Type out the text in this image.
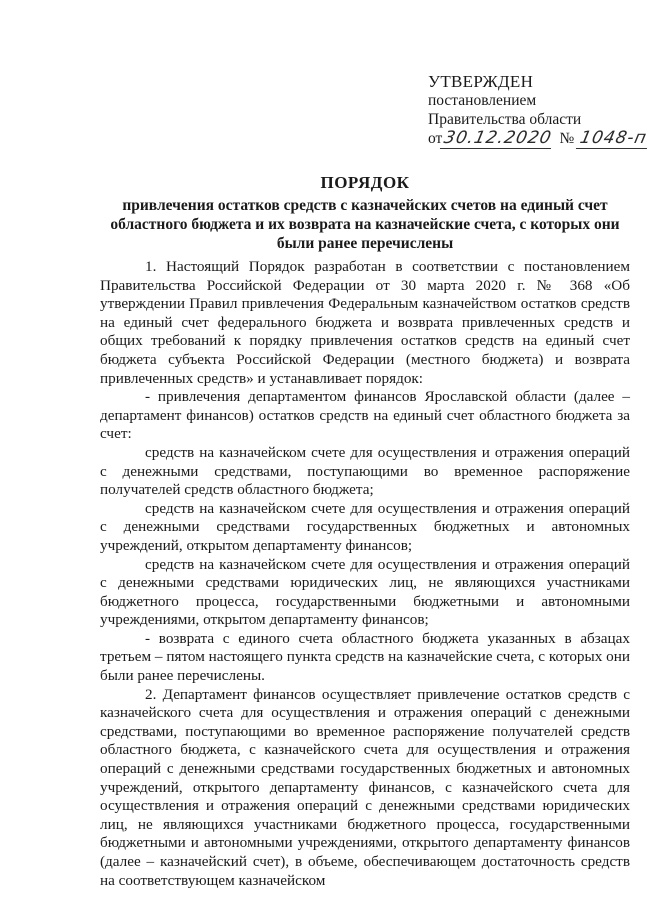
УТВЕРЖДЕН
постановлением
Правительства области
от30.12.2020 № 1048-п
ПОРЯДОК
привлечения остатков средств с казначейских счетов на единый счет областного бюджета и их возврата на казначейские счета, с которых они были ранее перечислены

1. Настоящий Порядок разработан в соответствии с постановлением Правительства Российской Федерации от 30 марта 2020 г. № 368 «Об утверждении Правил привлечения Федеральным казначейством остатков средств на единый счет федерального бюджета и возврата привлеченных средств и общих требований к порядку привлечения остатков средств на единый счет бюджета субъекта Российской Федерации (местного бюджета) и возврата привлеченных средств» и устанавливает порядок:

- привлечения департаментом финансов Ярославской области (далее – департамент финансов) остатков средств на единый счет областного бюджета за счет:

средств на казначейском счете для осуществления и отражения операций с денежными средствами, поступающими во временное распоряжение получателей средств областного бюджета;

средств на казначейском счете для осуществления и отражения операций с денежными средствами государственных бюджетных и автономных учреждений, открытом департаменту финансов;

средств на казначейском счете для осуществления и отражения операций с денежными средствами юридических лиц, не являющихся участниками бюджетного процесса, государственными бюджетными и автономными учреждениями, открытом департаменту финансов;

- возврата с единого счета областного бюджета указанных в абзацах третьем – пятом настоящего пункта средств на казначейские счета, с которых они были ранее перечислены.

2. Департамент финансов осуществляет привлечение остатков средств с казначейского счета для осуществления и отражения операций с денежными средствами, поступающими во временное распоряжение получателей средств областного бюджета, с казначейского счета для осуществления и отражения операций с денежными средствами государственных бюджетных и автономных учреждений, открытого департаменту финансов, с казначейского счета для осуществления и отражения операций с денежными средствами юридических лиц, не являющихся участниками бюджетного процесса, государственными бюджетными и автономными учреждениями, открытого департаменту финансов (далее – казначейский счет), в объеме, обеспечивающем достаточность средств на соответствующем казначейском
